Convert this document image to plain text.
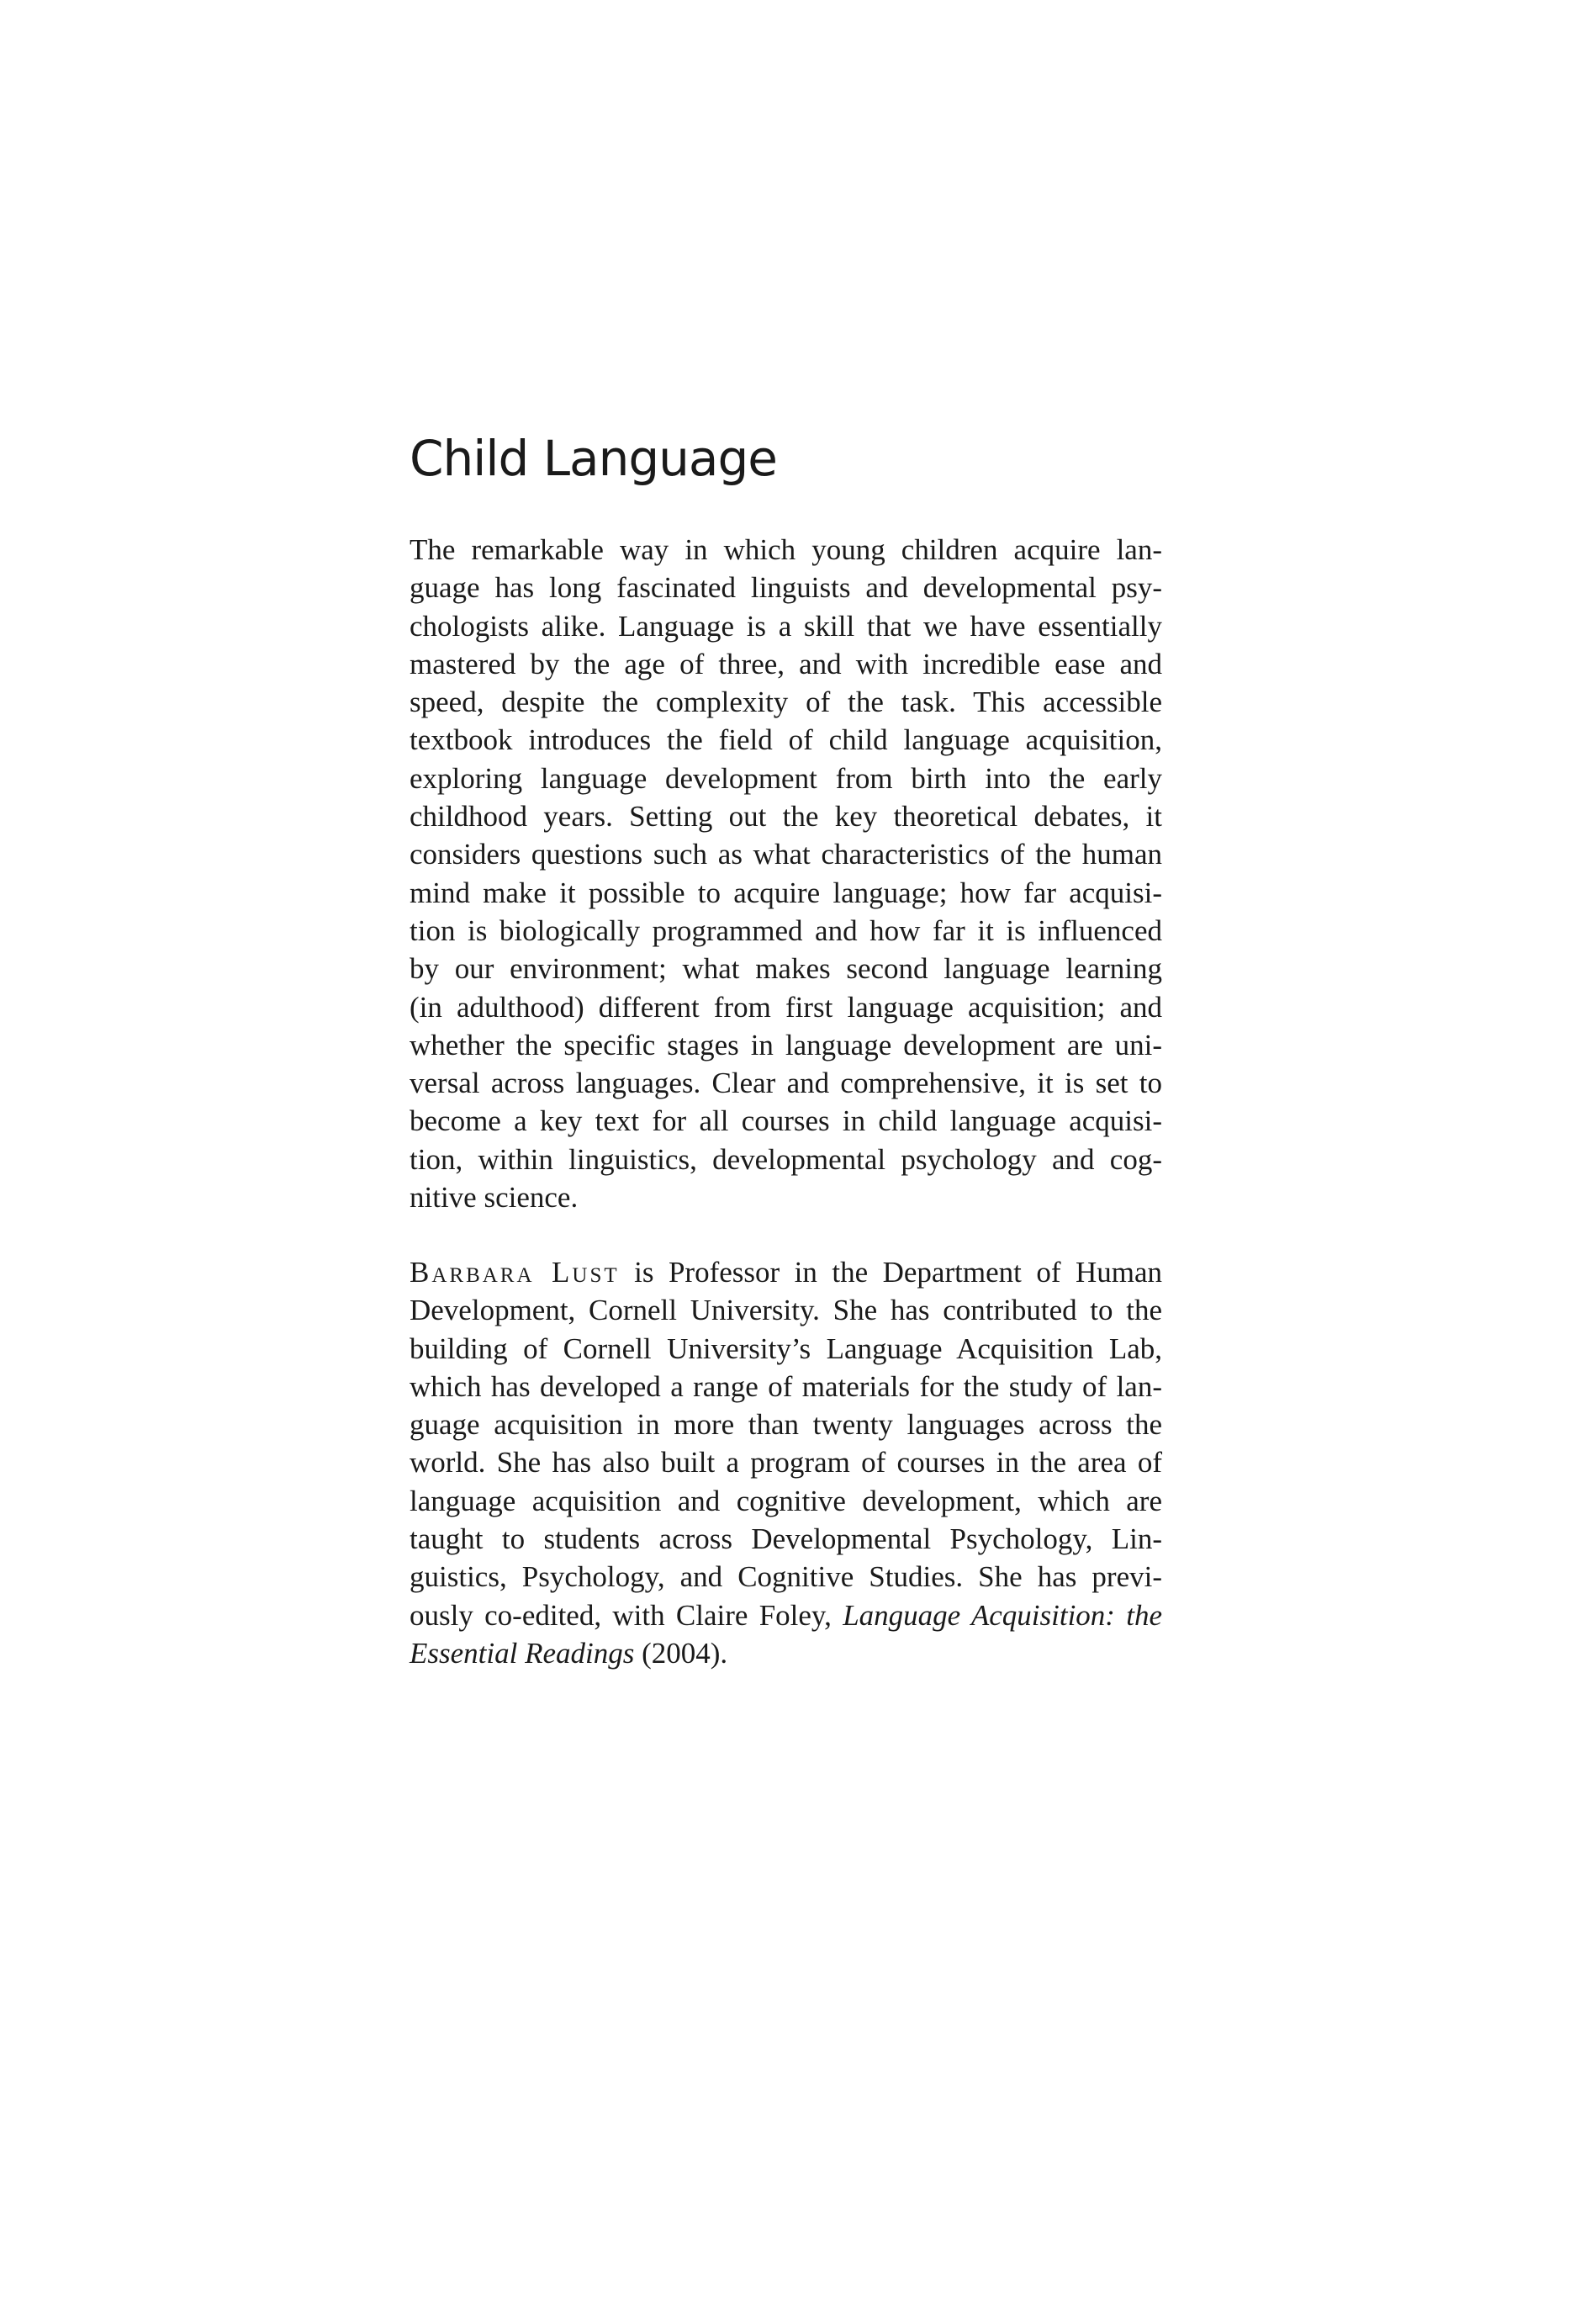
Child Language
The remarkable way in which young children acquire lan-
guage has long fascinated linguists and developmental psy-
chologists alike. Language is a skill that we have essentially
mastered by the age of three, and with incredible ease and
speed, despite the complexity of the task. This accessible
textbook introduces the field of child language acquisition,
exploring language development from birth into the early
childhood years. Setting out the key theoretical debates, it
considers questions such as what characteristics of the human
mind make it possible to acquire language; how far acquisi-
tion is biologically programmed and how far it is influenced
by our environment; what makes second language learning
(in adulthood) different from first language acquisition; and
whether the specific stages in language development are uni-
versal across languages. Clear and comprehensive, it is set to
become a key text for all courses in child language acquisi-
tion, within linguistics, developmental psychology and cog-
nitive science.
Barbara Lust is Professor in the Department of Human
Development, Cornell University. She has contributed to the
building of Cornell University’s Language Acquisition Lab,
which has developed a range of materials for the study of lan-
guage acquisition in more than twenty languages across the
world. She has also built a program of courses in the area of
language acquisition and cognitive development, which are
taught to students across Developmental Psychology, Lin-
guistics, Psychology, and Cognitive Studies. She has previ-
ously co-edited, with Claire Foley, Language Acquisition: the
Essential Readings (2004).
